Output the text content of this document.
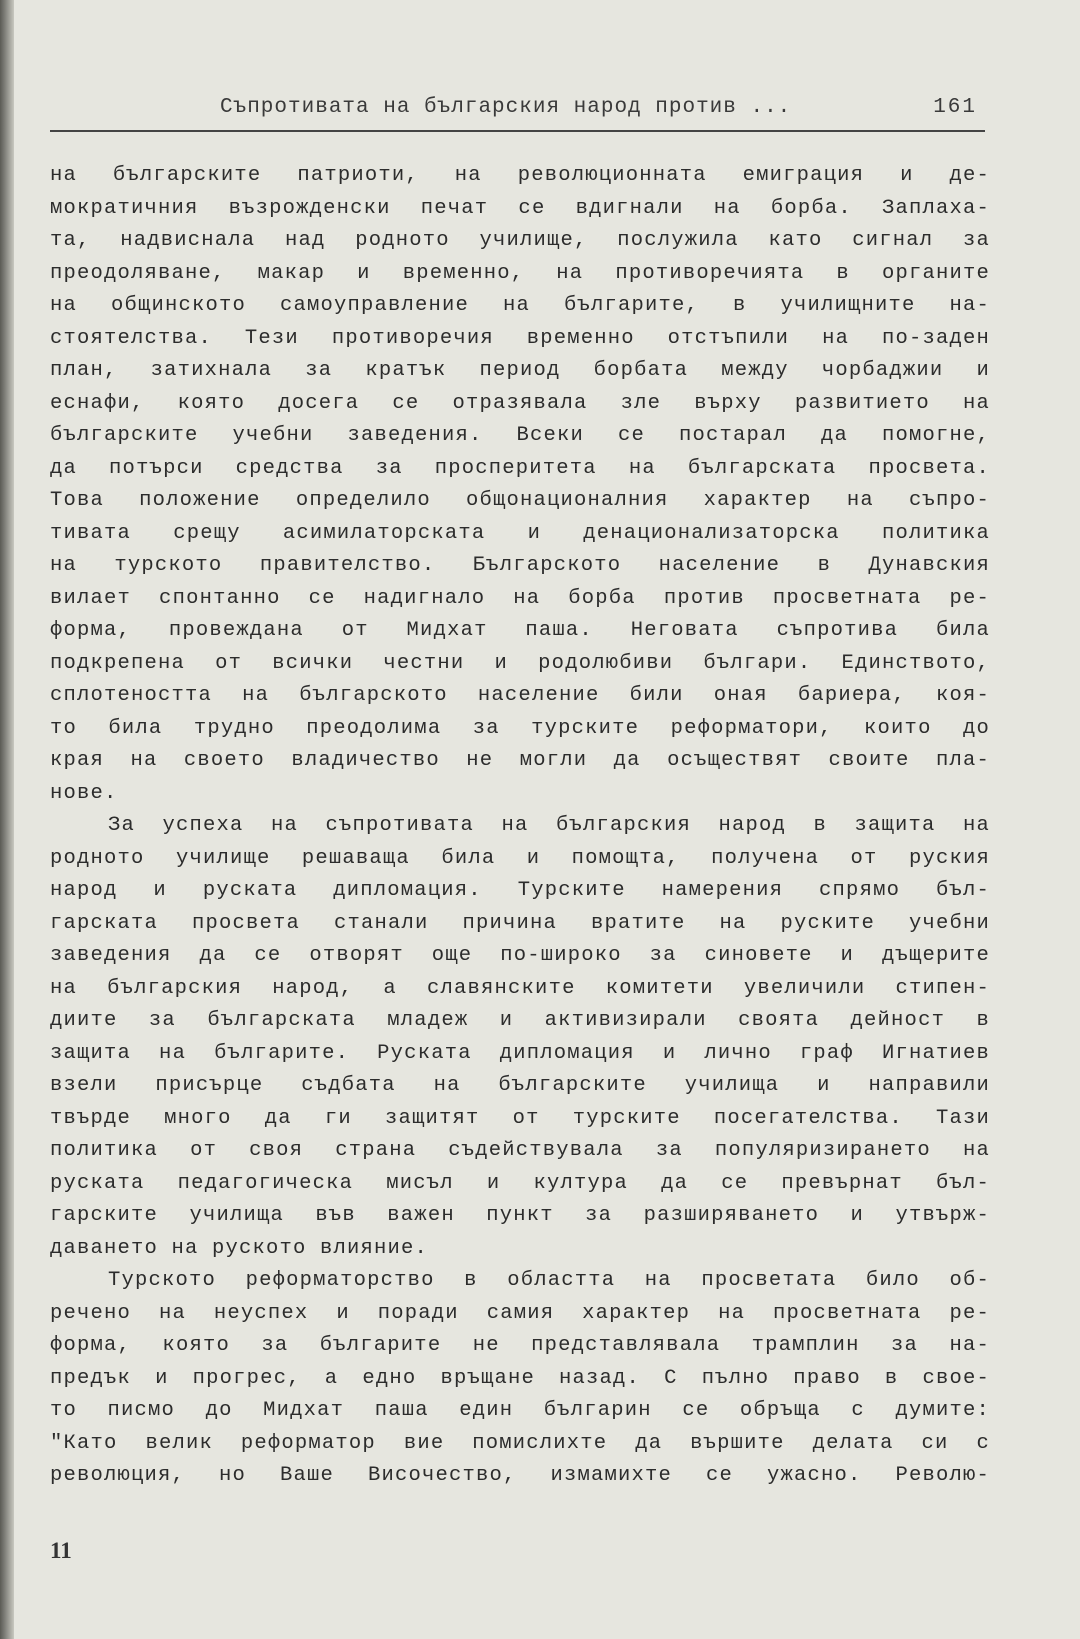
Съпротивата на българския народ против ...	161
на българските патриоти, на революционната емиграция и де-
мократичния възрожденски печат се вдигнали на борба. Заплаха-
та, надвиснала над родното училище, послужила като сигнал за
преодоляване, макар и временно, на противоречията в органите
на общинското самоуправление на българите, в училищните на-
стоятелства. Тези противоречия временно отстъпили на по-заден
план, затихнала за кратък период борбата между чорбаджии и
еснафи, която досега се отразявала зле върху развитието на
българските учебни заведения. Всеки се постарал да помогне,
да потърси средства за просперитета на българската просвета.
Това положение определило общонационалния характер на съпро-
тивата срещу асимилаторската и денационализаторска политика
на турското правителство. Българското население в Дунавския
вилает спонтанно се надигнало на борба против просветната ре-
форма, провеждана от Мидхат паша. Неговата съпротива била
подкрепена от всички честни и родолюбиви българи. Единството,
сплотеността на българското население били оная бариера, коя-
то била трудно преодолима за турските реформатори, които до
края на своето владичество не могли да осъществят своите пла-
нове.
За успеха на съпротивата на българския народ в защита на
родното училище решаваща била и помощта, получена от руския
народ и руската дипломация. Турските намерения спрямо бъл-
гарската просвета станали причина вратите на руските учебни
заведения да се отворят още по-широко за синовете и дъщерите
на българския народ, а славянските комитети увеличили стипен-
диите за българската младеж и активизирали своята дейност в
защита на българите. Руската дипломация и лично граф Игнатиев
взели присърце съдбата на българските училища и направили
твърде много да ги защитят от турските посегателства. Тази
политика от своя страна съдействувала за популяризирането на
руската педагогическа мисъл и култура да се превърнат бъл-
гарските училища във важен пункт за разширяването и утвърж-
даването на руското влияние.
Турското реформаторство в областта на просветата било об-
речено на неуспех и поради самия характер на просветната ре-
форма, която за българите не представлявала трамплин за на-
предък и прогрес, а едно връщане назад. С пълно право в свое-
то писмо до Мидхат паша един българин се обръща с думите:
"Като велик реформатор вие помислихте да вършите делата си с
революция, но Ваше Височество, измамихте се ужасно. Револю-
11
